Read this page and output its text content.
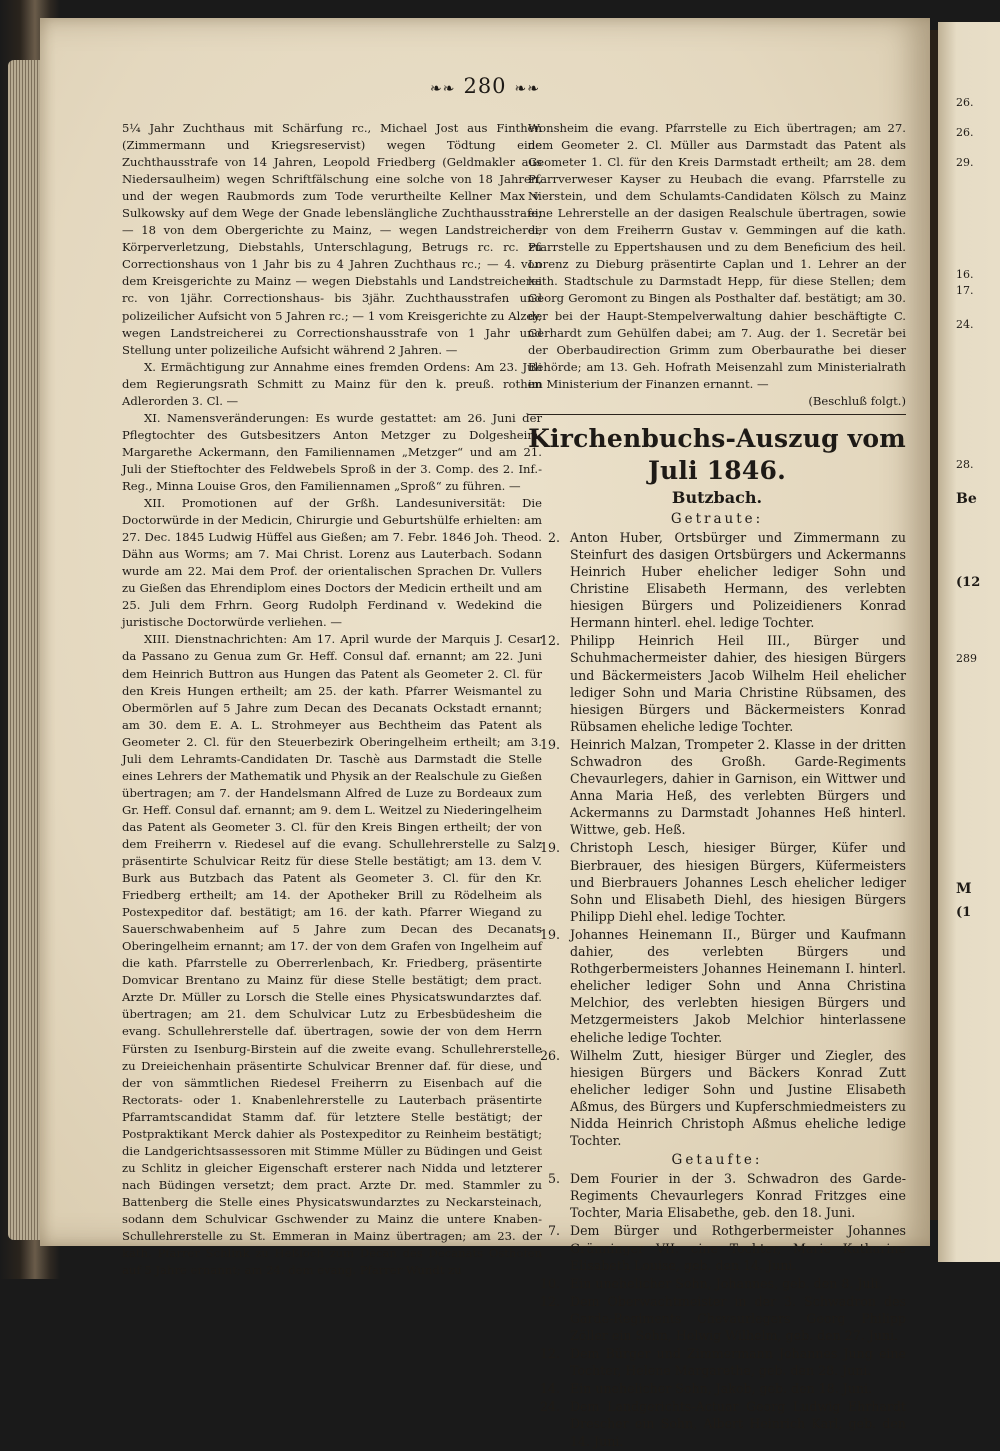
26.
26.
29.
16.
17.
24.
28.
Be
(12
289
M
(1
❧❧ 280 ❧❧

5¼ Jahr Zuchthaus mit Schärfung rc., Michael Jost aus Finthen (Zimmermann und Kriegsreservist) wegen Tödtung eine Zuchthausstrafe von 14 Jahren, Leopold Friedberg (Geldmakler aus Niedersaulheim) wegen Schriftfälschung eine solche von 18 Jahren, und der wegen Raubmords zum Tode verurtheilte Kellner Max v. Sulkowsky auf dem Wege der Gnade lebenslängliche Zuchthausstrafe; — 18 von dem Obergerichte zu Mainz, — wegen Landstreicherei, Körperverletzung, Diebstahls, Unterschlagung, Betrugs rc. rc. zu Correctionshaus von 1 Jahr bis zu 4 Jahren Zuchthaus rc.; — 4. von dem Kreisgerichte zu Mainz — wegen Diebstahls und Landstreicherei rc. von 1jähr. Correctionshaus- bis 3jähr. Zuchthausstrafen und polizeilicher Aufsicht von 5 Jahren rc.; — 1 vom Kreisgerichte zu Alzey, wegen Landstreicherei zu Correctionshausstrafe von 1 Jahr und Stellung unter polizeiliche Aufsicht während 2 Jahren. —

X. Ermächtigung zur Annahme eines fremden Ordens: Am 23. Juli dem Regierungsrath Schmitt zu Mainz für den k. preuß. rothen Adlerorden 3. Cl. —

XI. Namensveränderungen: Es wurde gestattet: am 26. Juni der Pflegtochter des Gutsbesitzers Anton Metzger zu Dolgesheim, Margarethe Ackermann, den Familiennamen „Metzger“ und am 21. Juli der Stieftochter des Feldwebels Sproß in der 3. Comp. des 2. Inf.-Reg., Minna Louise Gros, den Familiennamen „Sproß“ zu führen. —

XII. Promotionen auf der Grßh. Landesuniversität: Die Doctorwürde in der Medicin, Chirurgie und Geburtshülfe erhielten: am 27. Dec. 1845 Ludwig Hüffel aus Gießen; am 7. Febr. 1846 Joh. Theod. Dähn aus Worms; am 7. Mai Christ. Lorenz aus Lauterbach. Sodann wurde am 22. Mai dem Prof. der orientalischen Sprachen Dr. Vullers zu Gießen das Ehrendiplom eines Doctors der Medicin ertheilt und am 25. Juli dem Frhrn. Georg Rudolph Ferdinand v. Wedekind die juristische Doctorwürde verliehen. —

XIII. Dienstnachrichten: Am 17. April wurde der Marquis J. Cesar da Passano zu Genua zum Gr. Heff. Consul daf. ernannt; am 22. Juni dem Heinrich Buttron aus Hungen das Patent als Geometer 2. Cl. für den Kreis Hungen ertheilt; am 25. der kath. Pfarrer Weismantel zu Obermörlen auf 5 Jahre zum Decan des Decanats Ockstadt ernannt; am 30. dem E. A. L. Strohmeyer aus Bechtheim das Patent als Geometer 2. Cl. für den Steuerbezirk Oberingelheim ertheilt; am 3. Juli dem Lehramts-Candidaten Dr. Taschè aus Darmstadt die Stelle eines Lehrers der Mathematik und Physik an der Realschule zu Gießen übertragen; am 7. der Handelsmann Alfred de Luze zu Bordeaux zum Gr. Heff. Consul daf. ernannt; am 9. dem L. Weitzel zu Niederingelheim das Patent als Geometer 3. Cl. für den Kreis Bingen ertheilt; der von dem Freiherrn v. Riedesel auf die evang. Schullehrerstelle zu Salz präsentirte Schulvicar Reitz für diese Stelle bestätigt; am 13. dem V. Burk aus Butzbach das Patent als Geometer 3. Cl. für den Kr. Friedberg ertheilt; am 14. der Apotheker Brill zu Rödelheim als Postexpeditor daf. bestätigt; am 16. der kath. Pfarrer Wiegand zu Sauerschwabenheim auf 5 Jahre zum Decan des Decanats Oberingelheim ernannt; am 17. der von dem Grafen von Ingelheim auf die kath. Pfarrstelle zu Oberrerlenbach, Kr. Friedberg, präsentirte Domvicar Brentano zu Mainz für diese Stelle bestätigt; dem pract. Arzte Dr. Müller zu Lorsch die Stelle eines Physicatswundarztes daf. übertragen; am 21. dem Schulvicar Lutz zu Erbesbüdesheim die evang. Schullehrerstelle daf. übertragen, sowie der von dem Herrn Fürsten zu Isenburg-Birstein auf die zweite evang. Schullehrerstelle zu Dreieichenhain präsentirte Schulvicar Brenner daf. für diese, und der von sämmtlichen Riedesel Freiherrn zu Eisenbach auf die Rectorats- oder 1. Knabenlehrerstelle zu Lauterbach präsentirte Pfarramtscandidat Stamm daf. für letztere Stelle bestätigt; der Postpraktikant Merck dahier als Postexpeditor zu Reinheim bestätigt; die Landgerichtsassessoren mit Stimme Müller zu Büdingen und Geist zu Schlitz in gleicher Eigenschaft ersterer nach Nidda und letzterer nach Büdingen versetzt; dem pract. Arzte Dr. med. Stammler zu Battenberg die Stelle eines Physicatswundarztes zu Neckarsteinach, sodann dem Schulvicar Gschwender zu Mainz die untere Knaben-Schullehrerstelle zu St. Emmeran in Mainz übertragen; am 23. der kath. Pfarrer Schlink zu Heßloch zum Decan des Decanats Osthofen auf 5 Jahre ernannt; am 24. dem evang. Pfarrer Wundt zu

Wonsheim die evang. Pfarrstelle zu Eich übertragen; am 27. dem Geometer 2. Cl. Müller aus Darmstadt das Patent als Geometer 1. Cl. für den Kreis Darmstadt ertheilt; am 28. dem Pfarrverweser Kayser zu Heubach die evang. Pfarrstelle zu Nierstein, und dem Schulamts-Candidaten Kölsch zu Mainz eine Lehrerstelle an der dasigen Realschule übertragen, sowie der von dem Freiherrn Gustav v. Gemmingen auf die kath. Pfarrstelle zu Eppertshausen und zu dem Beneficium des heil. Lorenz zu Dieburg präsentirte Caplan und 1. Lehrer an der kath. Stadtschule zu Darmstadt Hepp, für diese Stellen; dem Georg Geromont zu Bingen als Posthalter daf. bestätigt; am 30. der bei der Haupt-Stempelverwaltung dahier beschäftigte C. Gerhardt zum Gehülfen dabei; am 7. Aug. der 1. Secretär bei der Oberbaudirection Grimm zum Oberbaurathe bei dieser Behörde; am 13. Geh. Hofrath Meisenzahl zum Ministerialrath im Ministerium der Finanzen ernannt. —

(Beschluß folgt.)

Kirchenbuchs-Auszug vom Juli 1846.
Butzbach.
Getraute:
2. Anton Huber, Ortsbürger und Zimmermann zu Steinfurt des dasigen Ortsbürgers und Ackermanns Heinrich Huber ehelicher lediger Sohn und Christine Elisabeth Hermann, des verlebten hiesigen Bürgers und Polizeidieners Konrad Hermann hinterl. ehel. ledige Tochter.
12. Philipp Heinrich Heil III., Bürger und Schuhmachermeister dahier, des hiesigen Bürgers und Bäckermeisters Jacob Wilhelm Heil ehelicher lediger Sohn und Maria Christine Rübsamen, des hiesigen Bürgers und Bäckermeisters Konrad Rübsamen eheliche ledige Tochter.
19. Heinrich Malzan, Trompeter 2. Klasse in der dritten Schwadron des Großh. Garde-Regiments Chevaurlegers, dahier in Garnison, ein Wittwer und Anna Maria Heß, des verlebten Bürgers und Ackermanns zu Darmstadt Johannes Heß hinterl. Wittwe, geb. Heß.
19. Christoph Lesch, hiesiger Bürger, Küfer und Bierbrauer, des hiesigen Bürgers, Küfermeisters und Bierbrauers Johannes Lesch ehelicher lediger Sohn und Elisabeth Diehl, des hiesigen Bürgers Philipp Diehl ehel. ledige Tochter.
19. Johannes Heinemann II., Bürger und Kaufmann dahier, des verlebten Bürgers und Rothgerbermeisters Johannes Heinemann I. hinterl. ehelicher lediger Sohn und Anna Christina Melchior, des verlebten hiesigen Bürgers und Metzgermeisters Jakob Melchior hinterlassene eheliche ledige Tochter.
26. Wilhelm Zutt, hiesiger Bürger und Ziegler, des hiesigen Bürgers und Bäckers Konrad Zutt ehelicher lediger Sohn und Justine Elisabeth Aßmus, des Bürgers und Kupferschmiedmeisters zu Nidda Heinrich Christoph Aßmus eheliche ledige Tochter.
Getaufte:
5. Dem Fourier in der 3. Schwadron des Garde-Regiments Chevaurlegers Konrad Fritzges eine Tochter, Maria Elisabethe, geb. den 18. Juni.
7. Dem Bürger und Rothgerbermeister Johannes Grünninger VII. eine Tochter, Marie Katharine Elisabeth Louise, geb. den 14. Juni.
10. Ein unehelicher Sohn, Johannes, geb. den 8. Juli.
12. Dem Oberwachtmeister in der 3. Schwadron des Garde-Regiments Chevaurlegers Georg Philipp Zöller ein Sohn, Helwig Wilhelm, geb. den 27. Juni.
12. Dem Bürger und Zimmermann Johannes Jung eine Tochter, Helene Margarethe, geb. den 28. Juni.
14. Ein unehelicher Sohn, Jakob, geb. den 18. Juni.
24. Dem Landgerichts-Actuar Georg Ludwig Ehrhardt Drescher ein Sohn, Albert Heinrich Karl, geb. den 14. Juni.
